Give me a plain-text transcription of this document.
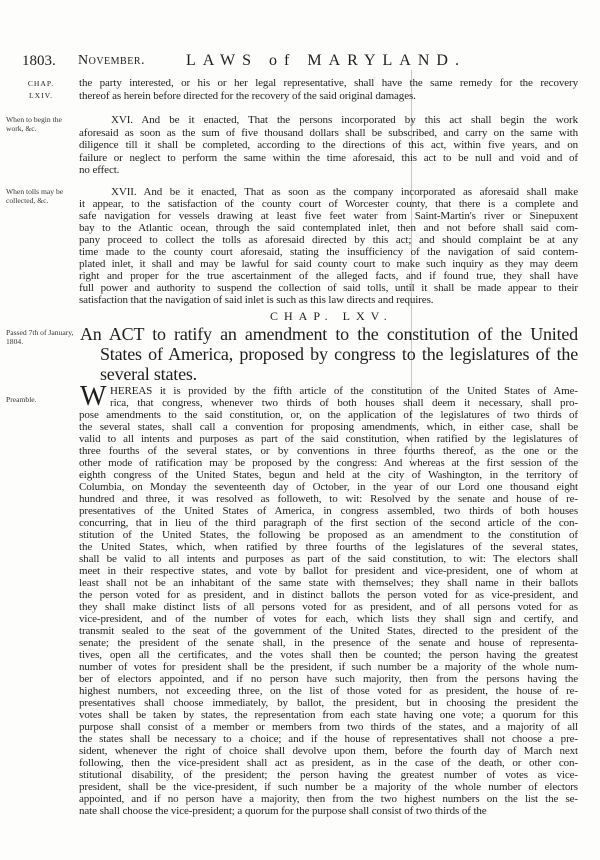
1803. November.	LAWS of MARYLAND.
CHAP.
LXIV.
When to begin the work, &c.
When tolls may be collected, &c.
Passed 7th of January, 1804.
Preamble.
CHAP. LXV.
An ACT to ratify an amendment to the constitution of the United
States of America, proposed by congress to the legislatures of the
several states.
W
the party interested, or his or her legal representative, shall have the same remedy for the recovery
thereof as herein before directed for the recovery of the said original damages.
XVI. And be it enacted, That the persons incorporated by this act shall begin the work
aforesaid as soon as the sum of five thousand dollars shall be subscribed, and carry on the same with
diligence till it shall be completed, according to the directions of this act, within five years, and on
failure or neglect to perform the same within the time aforesaid, this act to be null and void and of
no effect.
XVII. And be it enacted, That as soon as the company incorporated as aforesaid shall make
it appear, to the satisfaction of the county court of Worcester county, that there is a complete and
safe navigation for vessels drawing at least five feet water from Saint-Martin's river or Sinepuxent
bay to the Atlantic ocean, through the said contemplated inlet, then and not before shall said com-
pany proceed to collect the tolls as aforesaid directed by this act; and should complaint be at any
time made to the county court aforesaid, stating the insufficiency of the navigation of said contem-
plated inlet, it shall and may be lawful for said county court to make such inquiry as they may deem
right and proper for the true ascertainment of the alleged facts, and if found true, they shall have
full power and authority to suspend the collection of said tolls, until it shall be made appear to their
satisfaction that the navigation of said inlet is such as this law directs and requires.
HEREAS it is provided by the fifth article of the constitution of the United States of Ame-
rica, that congress, whenever two thirds of both houses shall deem it necessary, shall pro-
pose amendments to the said constitution, or, on the application of the legislatures of two thirds of
the several states, shall call a convention for proposing amendments, which, in either case, shall be
valid to all intents and purposes as part of the said constitution, when ratified by the legislatures of
three fourths of the several states, or by conventions in three fourths thereof, as the one or the
other mode of ratification may be proposed by the congress: And whereas at the first session of the
eighth congress of the United States, begun and held at the city of Washington, in the territory of
Columbia, on Monday the seventeenth day of October, in the year of our Lord one thousand eight
hundred and three, it was resolved as followeth, to wit: Resolved by the senate and house of re-
presentatives of the United States of America, in congress assembled, two thirds of both houses
concurring, that in lieu of the third paragraph of the first section of the second article of the con-
stitution of the United States, the following be proposed as an amendment to the constitution of
the United States, which, when ratified by three fourths of the legislatures of the several states,
shall be valid to all intents and purposes as part of the said constitution, to wit: The electors shall
meet in their respective states, and vote by ballot for president and vice-president, one of whom at
least shall not be an inhabitant of the same state with themselves; they shall name in their ballots
the person voted for as president, and in distinct ballots the person voted for as vice-president, and
they shall make distinct lists of all persons voted for as president, and of all persons voted for as
vice-president, and of the number of votes for each, which lists they shall sign and certify, and
transmit sealed to the seat of the government of the United States, directed to the president of the
senate; the president of the senate shall, in the presence of the senate and house of representa-
tives, open all the certificates, and the votes shall then be counted; the person having the greatest
number of votes for president shall be the president, if such number be a majority of the whole num-
ber of electors appointed, and if no person have such majority, then from the persons having the
highest numbers, not exceeding three, on the list of those voted for as president, the house of re-
presentatives shall choose immediately, by ballot, the president, but in choosing the president the
votes shall be taken by states, the representation from each state having one vote; a quorum for this
purpose shall consist of a member or members from two thirds of the states, and a majority of all
the states shall be necessary to a choice; and if the house of representatives shall not choose a pre-
sident, whenever the right of choice shall devolve upon them, before the fourth day of March next
following, then the vice-president shall act as president, as in the case of the death, or other con-
stitutional disability, of the president; the person having the greatest number of votes as vice-
president, shall be the vice-president, if such number be a majority of the whole number of electors
appointed, and if no person have a majority, then from the two highest numbers on the list the se-
nate shall choose the vice-president; a quorum for the purpose shall consist of two thirds of the
